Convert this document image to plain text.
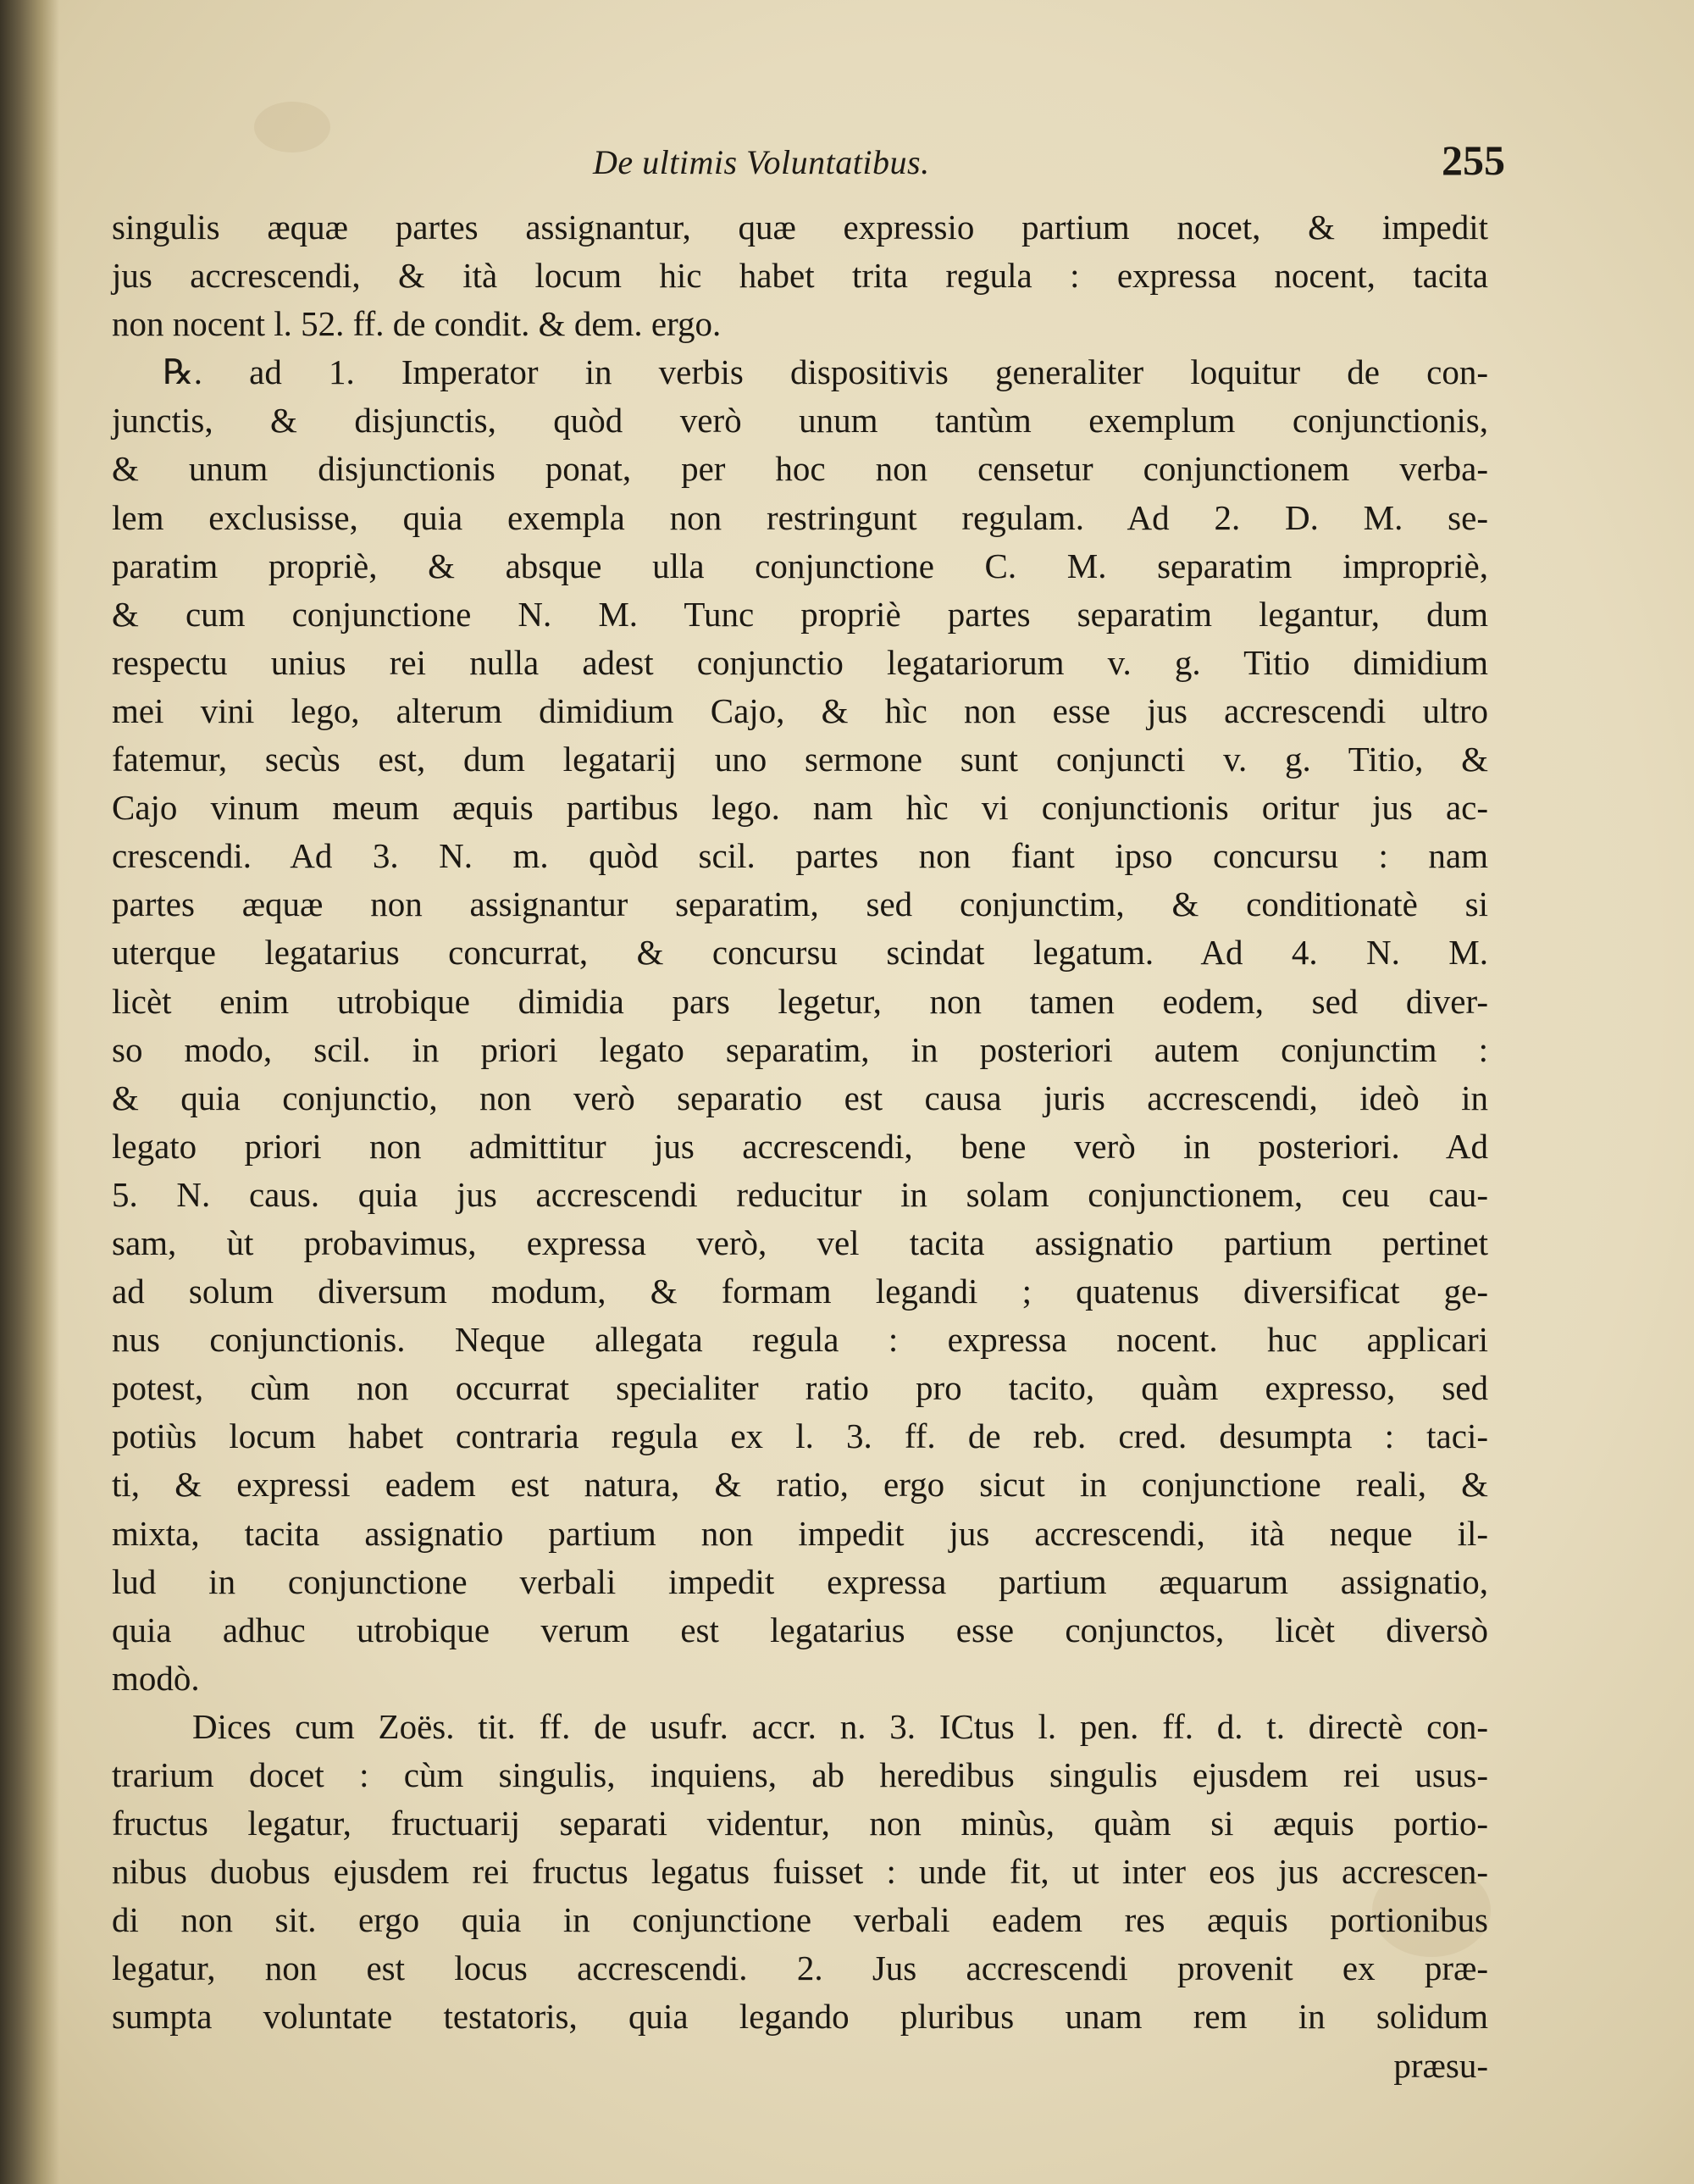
De ultimis Voluntatibus.	255
singulis æquæ partes assignantur, quæ expressio partium nocet, & impedit
jus accrescendi, & ità locum hic habet trita regula : expressa nocent, tacita
non nocent l. 52. ff. de condit. & dem. ergo.
℞. ad 1. Imperator in verbis dispositivis generaliter loquitur de con-
junctis, & disjunctis, quòd verò unum tantùm exemplum conjunctionis,
& unum disjunctionis ponat, per hoc non censetur conjunctionem verba-
lem exclusisse, quia exempla non restringunt regulam. Ad 2. D. M. se-
paratim propriè, & absque ulla conjunctione C. M. separatim impropriè,
& cum conjunctione N. M. Tunc propriè partes separatim legantur, dum
respectu unius rei nulla adest conjunctio legatariorum v. g. Titio dimidium
mei vini lego, alterum dimidium Cajo, & hìc non esse jus accrescendi ultro
fatemur, secùs est, dum legatarij uno sermone sunt conjuncti v. g. Titio, &
Cajo vinum meum æquis partibus lego. nam hìc vi conjunctionis oritur jus ac-
crescendi. Ad 3. N. m. quòd scil. partes non fiant ipso concursu : nam
partes æquæ non assignantur separatim, sed conjunctim, & conditionatè si
uterque legatarius concurrat, & concursu scindat legatum. Ad 4. N. M.
licèt enim utrobique dimidia pars legetur, non tamen eodem, sed diver-
so modo, scil. in priori legato separatim, in posteriori autem conjunctim :
& quia conjunctio, non verò separatio est causa juris accrescendi, ideò in
legato priori non admittitur jus accrescendi, bene verò in posteriori. Ad
5. N. caus. quia jus accrescendi reducitur in solam conjunctionem, ceu cau-
sam, ùt probavimus, expressa verò, vel tacita assignatio partium pertinet
ad solum diversum modum, & formam legandi ; quatenus diversificat ge-
nus conjunctionis. Neque allegata regula : expressa nocent. huc applicari
potest, cùm non occurrat specialiter ratio pro tacito, quàm expresso, sed
potiùs locum habet contraria regula ex l. 3. ff. de reb. cred. desumpta : taci-
ti, & expressi eadem est natura, & ratio, ergo sicut in conjunctione reali, &
mixta, tacita assignatio partium non impedit jus accrescendi, ità neque il-
lud in conjunctione verbali impedit expressa partium æquarum assignatio,
quia adhuc utrobique verum est legatarius esse conjunctos, licèt diversò
modò.
Dices cum Zoës. tit. ff. de usufr. accr. n. 3. ICtus l. pen. ff. d. t. directè con-
trarium docet : cùm singulis, inquiens, ab heredibus singulis ejusdem rei usus-
fructus legatur, fructuarij separati videntur, non minùs, quàm si æquis portio-
nibus duobus ejusdem rei fructus legatus fuisset : unde fit, ut inter eos jus accrescen-
di non sit. ergo quia in conjunctione verbali eadem res æquis portionibus
legatur, non est locus accrescendi. 2. Jus accrescendi provenit ex præ-
sumpta voluntate testatoris, quia legando pluribus unam rem in solidum
præsu-
